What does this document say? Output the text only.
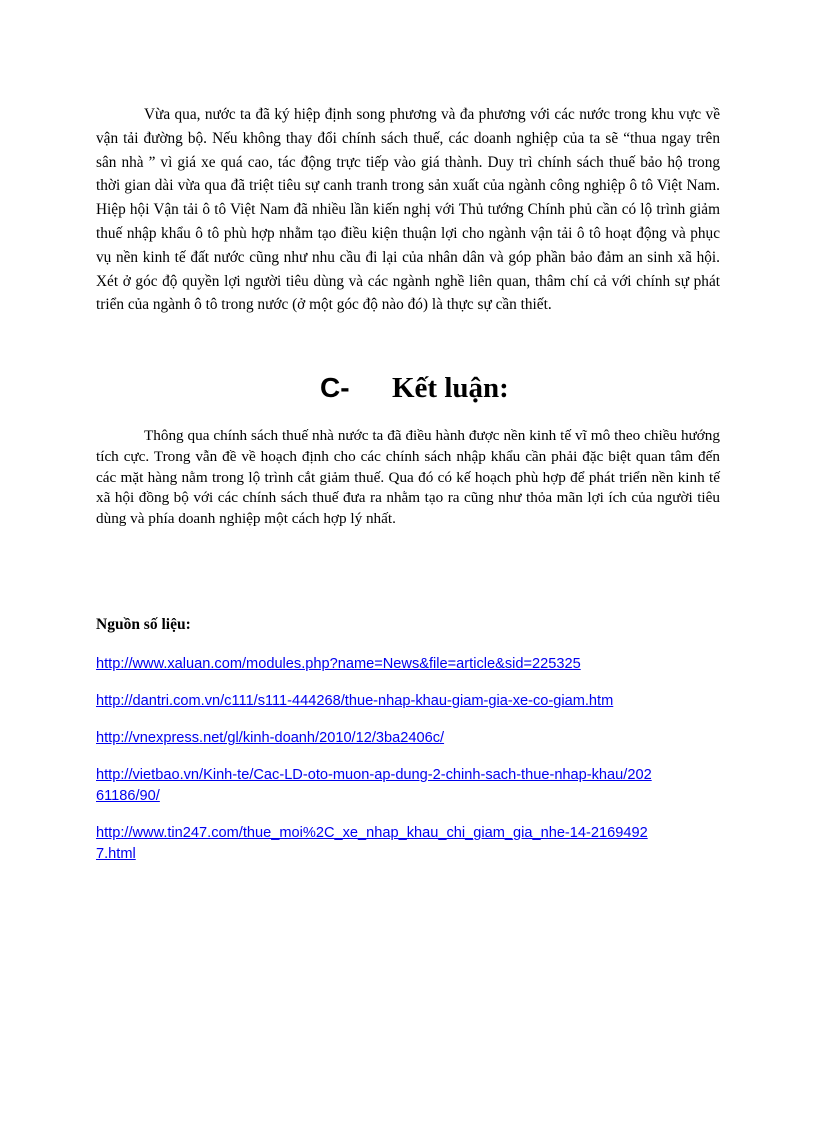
Vừa qua, nước ta đã ký hiệp định song phương và đa phương với các nước trong khu vực về vận tải đường bộ. Nếu không thay đổi chính sách thuế, các doanh nghiệp của ta sẽ “thua ngay trên sân nhà ” vì giá xe quá cao, tác động trực tiếp vào giá thành. Duy trì chính sách thuế bảo hộ trong thời gian dài vừa qua đã triệt tiêu sự canh tranh trong sản xuất của ngành công nghiệp ô tô Việt Nam. Hiệp hội Vận tải ô tô Việt Nam đã nhiều lần kiến nghị với Thủ tướng Chính phủ cần có lộ trình giảm thuế nhập khẩu ô tô phù hợp nhằm tạo điều kiện thuận lợi cho ngành vận tải ô tô hoạt động và phục vụ nền kinh tế đất nước cũng như nhu cầu đi lại của nhân dân và góp phần bảo đảm an sinh xã hội. Xét ở góc độ quyền lợi người tiêu dùng và các ngành nghề liên quan, thâm chí cả với chính sự phát triển của ngành ô tô trong nước (ở một góc độ nào đó) là thực sự cần thiết.

C- Kết luận:

Thông qua chính sách thuế nhà nước ta đã điều hành được nền kinh tế vĩ mô theo chiều hướng tích cực. Trong vẫn đề về hoạch định cho các chính sách nhập khẩu cần phải đặc biệt quan tâm đến các mặt hàng nằm trong lộ trình cắt giảm thuế. Qua đó có kế hoạch phù hợp để phát triển nền kinh tế xã hội đồng bộ với các chính sách thuế đưa ra nhằm tạo ra cũng như thỏa mãn lợi ích của người tiêu dùng và phía doanh nghiệp một cách hợp lý nhất.

Nguồn số liệu:

http://www.xaluan.com/modules.php?name=News&file=article&sid=225325
http://dantri.com.vn/c111/s111-444268/thue-nhap-khau-giam-gia-xe-co-giam.htm
http://vnexpress.net/gl/kinh-doanh/2010/12/3ba2406c/
http://vietbao.vn/Kinh-te/Cac-LD-oto-muon-ap-dung-2-chinh-sach-thue-nhap-khau/20261186/90/
http://www.tin247.com/thue_moi%2C_xe_nhap_khau_chi_giam_gia_nhe-14-21694927.html
